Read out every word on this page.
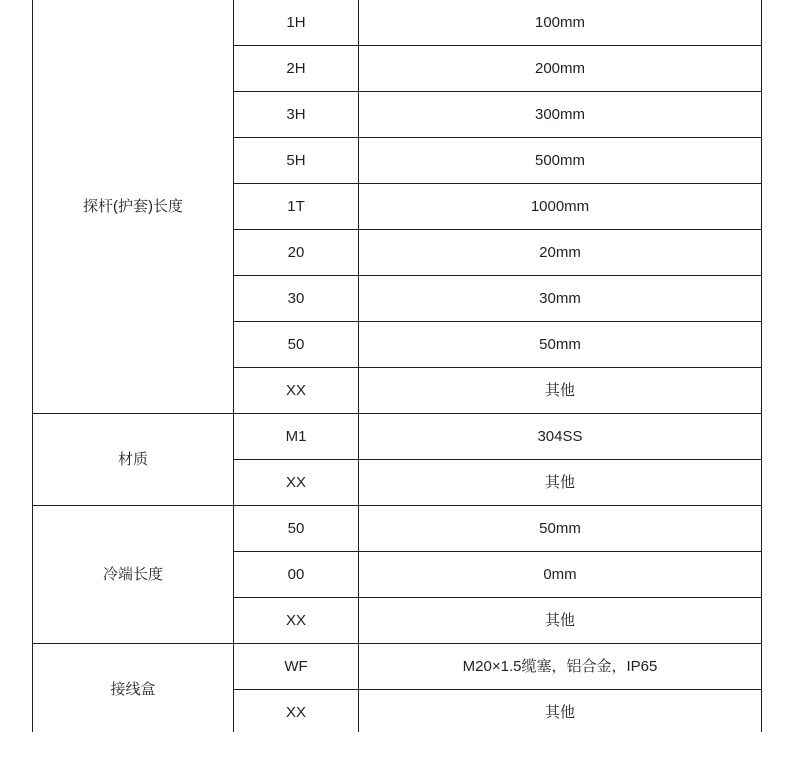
探杆(护套)长度	1H	100mm
	2H	200mm
	3H	300mm
	5H	500mm
	1T	1000mm
	20	20mm
	30	30mm
	50	50mm
	XX	其他
材质	M1	304SS
	XX	其他
冷端长度	50	50mm
	00	0mm
	XX	其他
接线盒	WF	M20×1.5缆塞，铝合金，IP65
	XX	其他
